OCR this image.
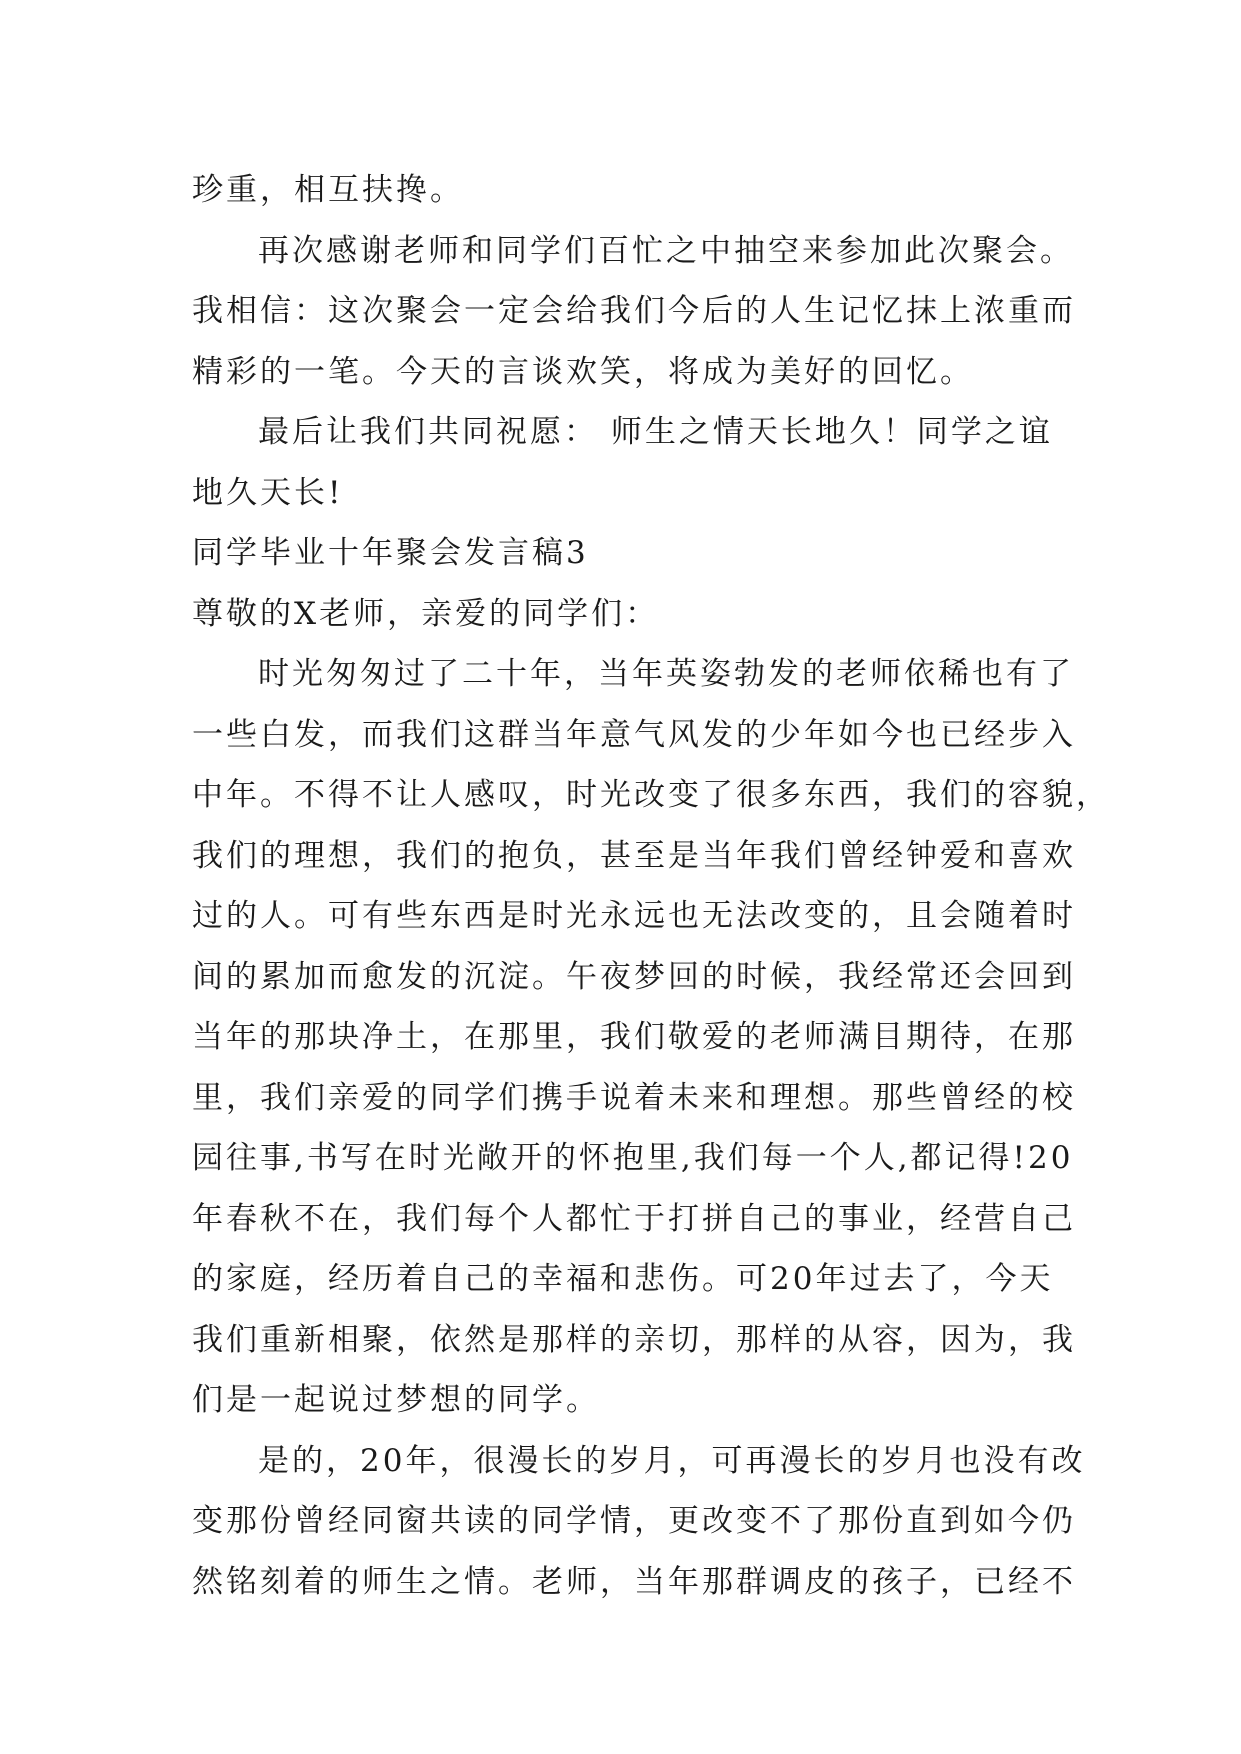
珍重，相互扶搀。
再次感谢老师和同学们百忙之中抽空来参加此次聚会。
我相信：这次聚会一定会给我们今后的人生记忆抹上浓重而
精彩的一笔。今天的言谈欢笑，将成为美好的回忆。
最后让我们共同祝愿： 师生之情天长地久！同学之谊
地久天长!
同学毕业十年聚会发言稿3
尊敬的X老师，亲爱的同学们：
时光匆匆过了二十年，当年英姿勃发的老师依稀也有了
一些白发，而我们这群当年意气风发的少年如今也已经步入
中年。不得不让人感叹，时光改变了很多东西，我们的容貌，
我们的理想，我们的抱负，甚至是当年我们曾经钟爱和喜欢
过的人。可有些东西是时光永远也无法改变的，且会随着时
间的累加而愈发的沉淀。午夜梦回的时候，我经常还会回到
当年的那块净土，在那里，我们敬爱的老师满目期待，在那
里，我们亲爱的同学们携手说着未来和理想。那些曾经的校
园往事,书写在时光敞开的怀抱里,我们每一个人,都记得!20
年春秋不在，我们每个人都忙于打拼自己的事业，经营自己
的家庭，经历着自己的幸福和悲伤。可20年过去了，今天
我们重新相聚，依然是那样的亲切，那样的从容，因为，我
们是一起说过梦想的同学。
是的，20年，很漫长的岁月，可再漫长的岁月也没有改
变那份曾经同窗共读的同学情，更改变不了那份直到如今仍
然铭刻着的师生之情。老师，当年那群调皮的孩子，已经不
